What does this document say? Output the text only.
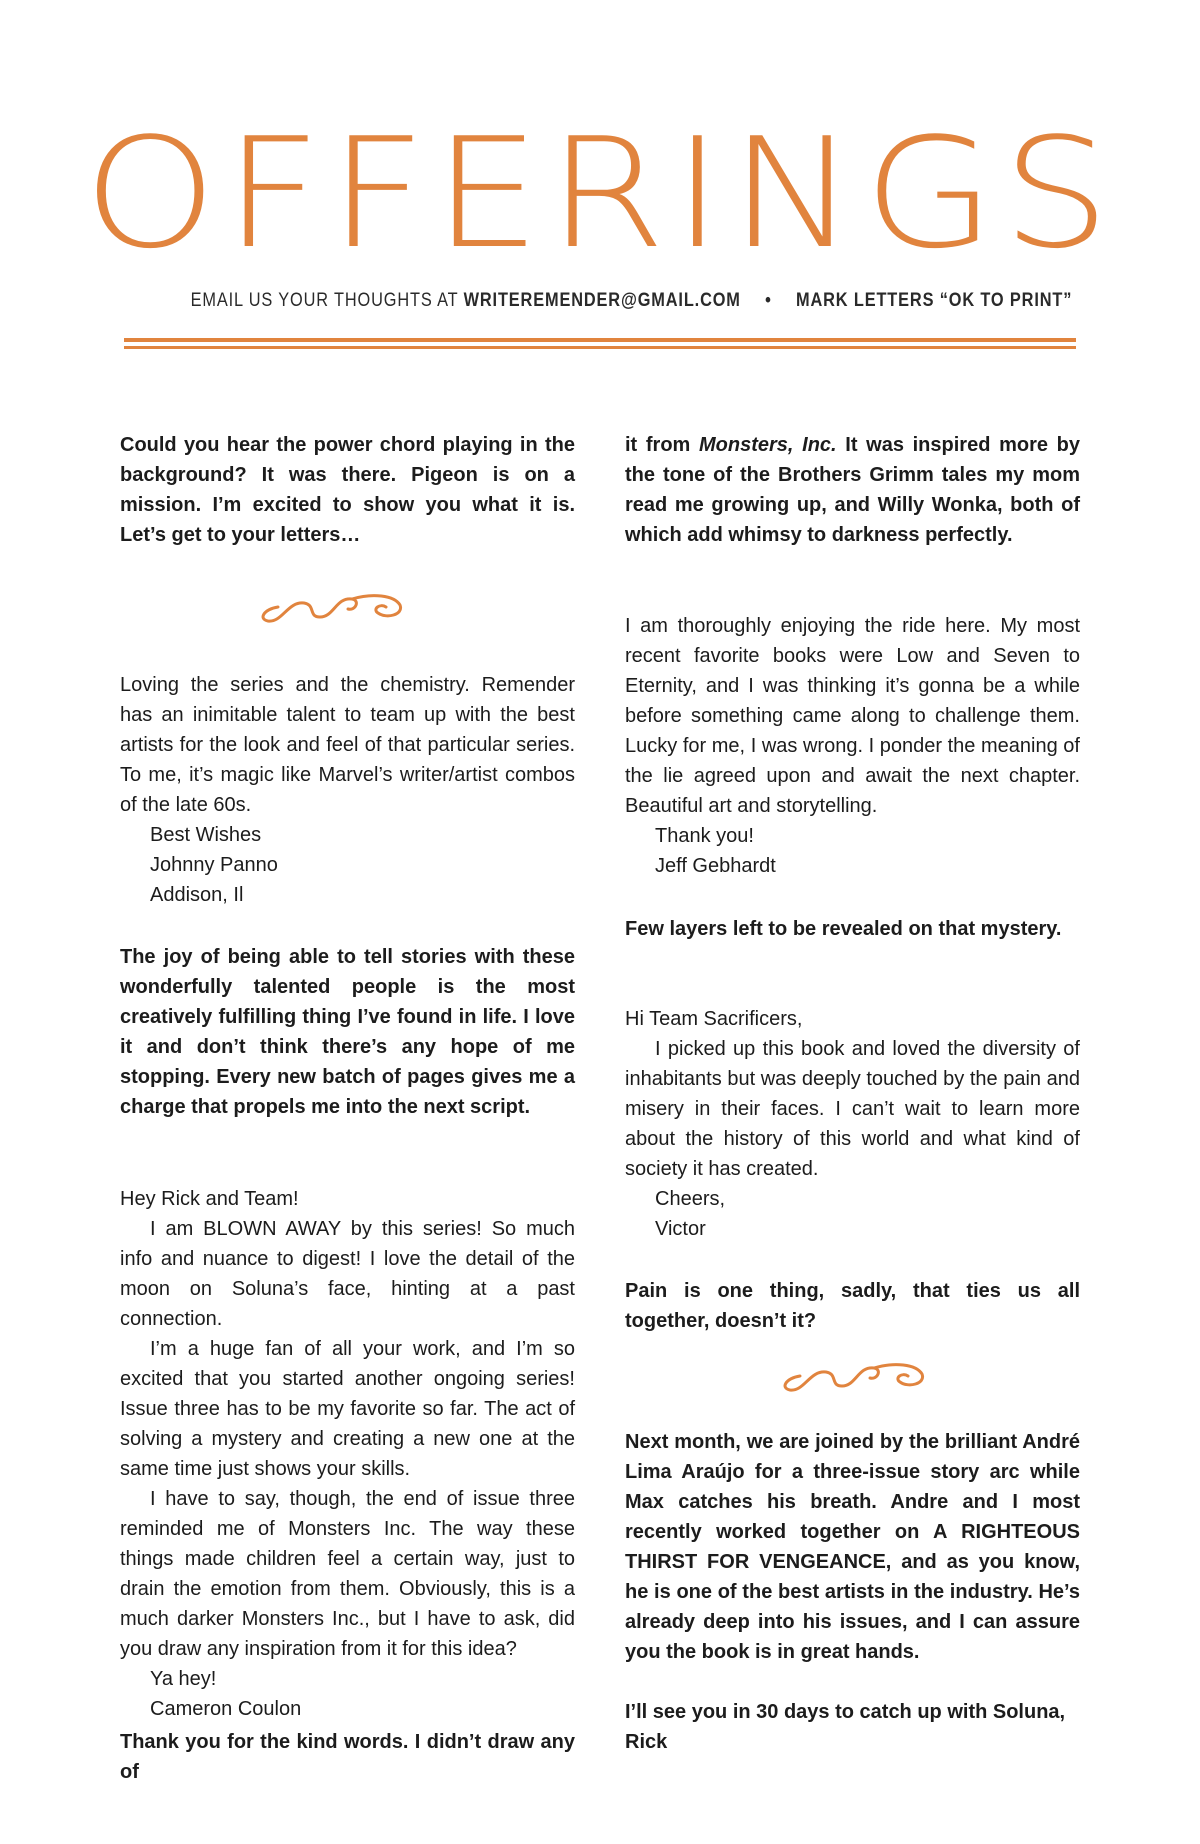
OFFERINGS
EMAIL US YOUR THOUGHTS AT WRITEREMENDER@GMAIL.COM • MARK LETTERS “OK TO PRINT”

Could you hear the power chord playing in the background? It was there. Pigeon is on a mission. I’m excited to show you what it is. Let’s get to your letters…

Loving the series and the chemistry. Remender has an inimitable talent to team up with the best artists for the look and feel of that particular series. To me, it’s magic like Marvel’s writer/artist combos of the late 60s.

Best Wishes

Johnny Panno

Addison, Il

The joy of being able to tell stories with these wonderfully talented people is the most creatively fulfilling thing I’ve found in life. I love it and don’t think there’s any hope of me stopping. Every new batch of pages gives me a charge that propels me into the next script.

Hey Rick and Team!

I am BLOWN AWAY by this series! So much info and nuance to digest! I love the detail of the moon on Soluna’s face, hinting at a past connection.

I’m a huge fan of all your work, and I’m so excited that you started another ongoing series! Issue three has to be my favorite so far. The act of solving a mystery and creating a new one at the same time just shows your skills.

I have to say, though, the end of issue three reminded me of Monsters Inc. The way these things made children feel a certain way, just to drain the emotion from them. Obviously, this is a much darker Monsters Inc., but I have to ask, did you draw any inspiration from it for this idea?

Ya hey!

Cameron Coulon

Thank you for the kind words. I didn’t draw any of

it from Monsters, Inc. It was inspired more by the tone of the Brothers Grimm tales my mom read me growing up, and Willy Wonka, both of which add whimsy to darkness perfectly.

I am thoroughly enjoying the ride here. My most recent favorite books were Low and Seven to Eternity, and I was thinking it’s gonna be a while before something came along to challenge them. Lucky for me, I was wrong. I ponder the meaning of the lie agreed upon and await the next chapter. Beautiful art and storytelling.

Thank you!

Jeff Gebhardt

Few layers left to be revealed on that mystery.

Hi Team Sacrificers,

I picked up this book and loved the diversity of inhabitants but was deeply touched by the pain and misery in their faces. I can’t wait to learn more about the history of this world and what kind of society it has created.

Cheers,

Victor

Pain is one thing, sadly, that ties us all together, doesn’t it?

Next month, we are joined by the brilliant André Lima Araújo for a three-issue story arc while Max catches his breath. Andre and I most recently worked together on A RIGHTEOUS THIRST FOR VENGEANCE, and as you know, he is one of the best artists in the industry. He’s already deep into his issues, and I can assure you the book is in great hands.

I’ll see you in 30 days to catch up with Soluna,

Rick
